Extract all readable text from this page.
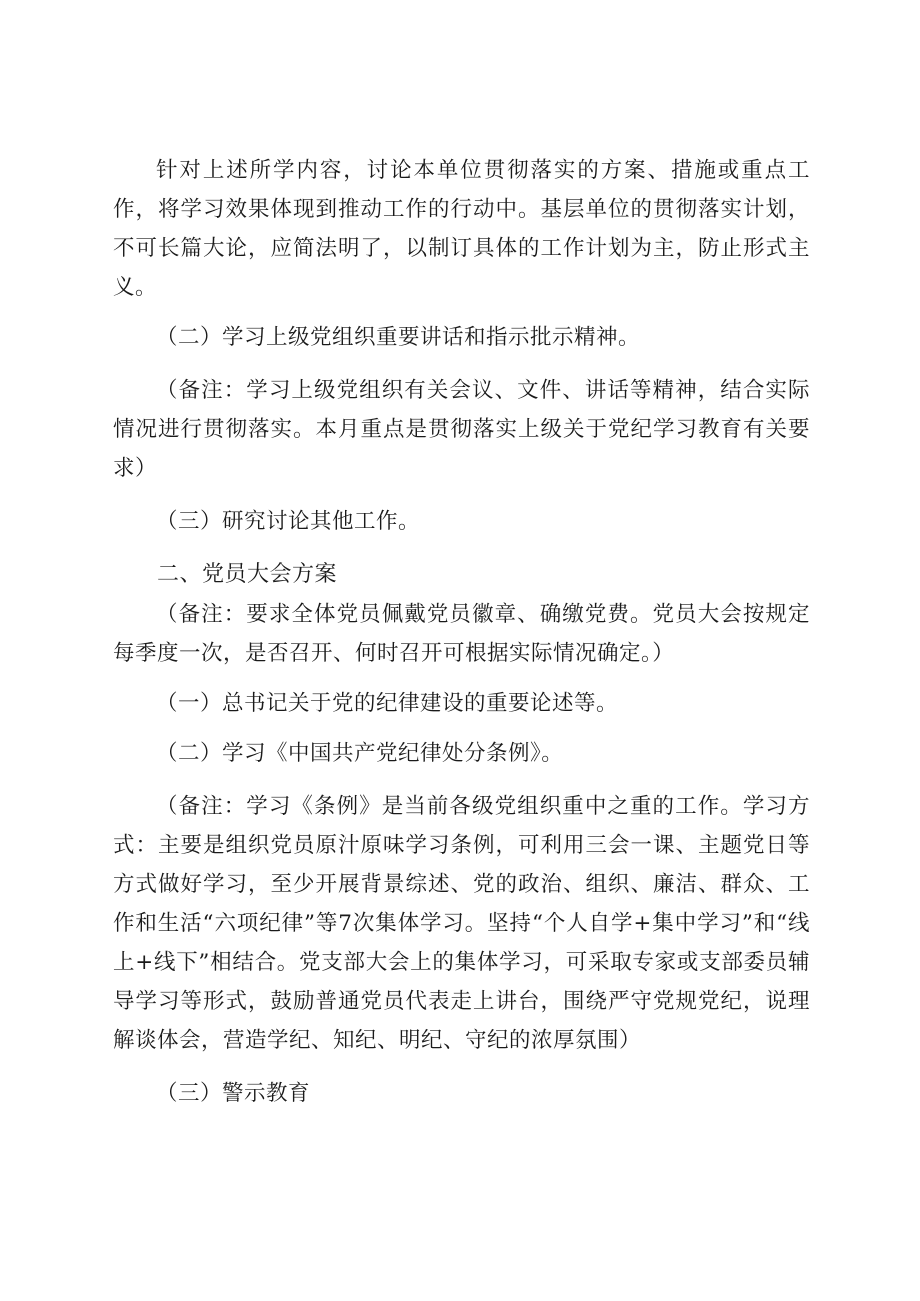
针对上述所学内容，讨论本单位贯彻落实的方案、措施或重点工作，将学习效果体现到推动工作的行动中。基层单位的贯彻落实计划，不可长篇大论，应简法明了，以制订具体的工作计划为主，防止形式主义。

（二）学习上级党组织重要讲话和指示批示精神。

（备注：学习上级党组织有关会议、文件、讲话等精神，结合实际情况进行贯彻落实。本月重点是贯彻落实上级关于党纪学习教育有关要求）

（三）研究讨论其他工作。

二、党员大会方案

（备注：要求全体党员佩戴党员徽章、确缴党费。党员大会按规定每季度一次，是否召开、何时召开可根据实际情况确定。）

（一）总书记关于党的纪律建设的重要论述等。

（二）学习《中国共产党纪律处分条例》。

（备注：学习《条例》是当前各级党组织重中之重的工作。学习方式：主要是组织党员原汁原味学习条例，可利用三会一课、主题党日等方式做好学习，至少开展背景综述、党的政治、组织、廉洁、群众、工作和生活“六项纪律”等7次集体学习。坚持“个人自学+集中学习”和“线上+线下”相结合。党支部大会上的集体学习，可采取专家或支部委员辅导学习等形式，鼓励普通党员代表走上讲台，围绕严守党规党纪，说理解谈体会，营造学纪、知纪、明纪、守纪的浓厚氛围）

（三）警示教育
